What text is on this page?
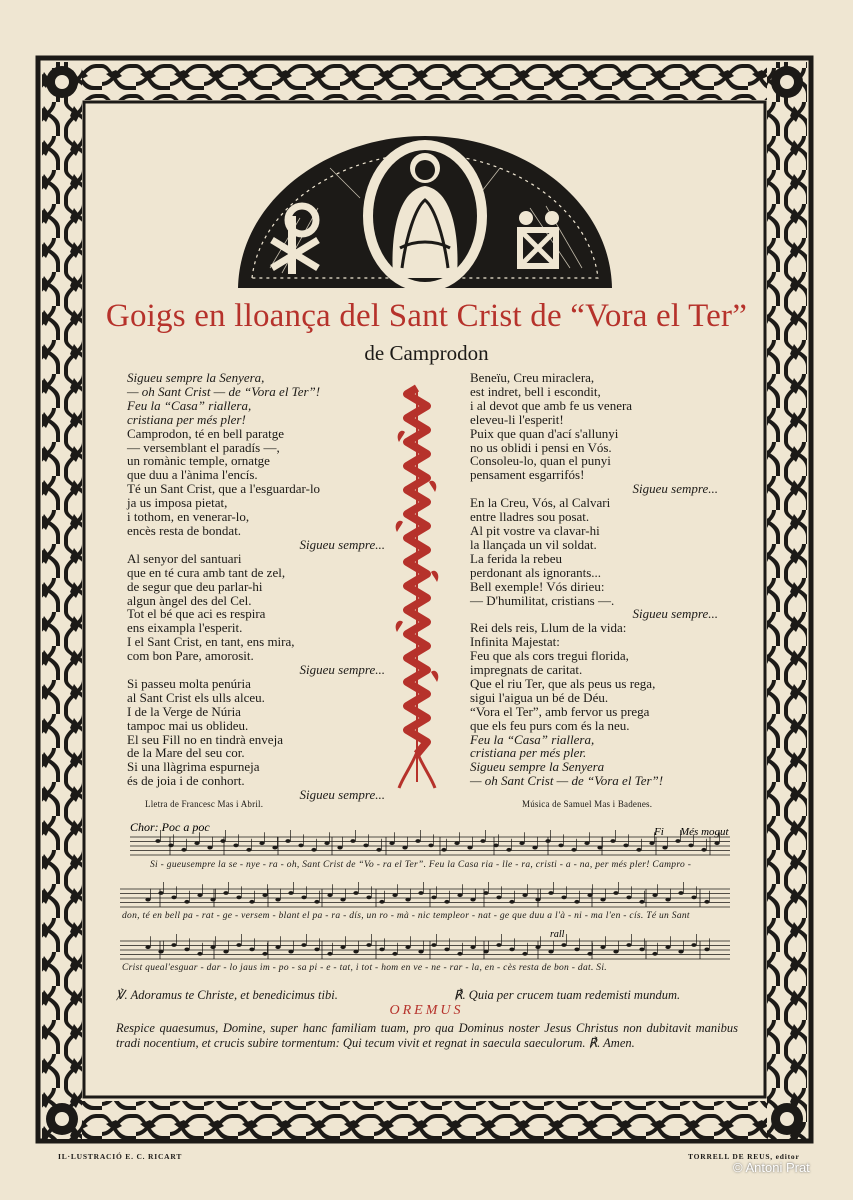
Goigs en lloança del Sant Crist de “Vora el Ter”
de Camprodon
Sigueu sempre la Senyera,
— oh Sant Crist — de “Vora el Ter”!
Feu la “Casa” riallera,
cristiana per més pler!
Camprodon, té en bell paratge
— versemblant el paradís —,
un romànic temple, ornatge
que duu a l'ànima l'encís.
Té un Sant Crist, que a l'esguardar-lo
ja us imposa pietat,
i tothom, en venerar-lo,
encès resta de bondat.
Sigueu sempre...
Al senyor del santuari
que en té cura amb tant de zel,
de segur que deu parlar-hi
algun àngel des del Cel.
Tot el bé que aci es respira
ens eixampla l'esperit.
I el Sant Crist, en tant, ens mira,
com bon Pare, amorosit.
Sigueu sempre...
Si passeu molta penúria
al Sant Crist els ulls alceu.
I de la Verge de Núria
tampoc mai us oblideu.
El seu Fill no en tindrà enveja
de la Mare del seu cor.
Si una llàgrima espurneja
és de joia i de conhort.
Sigueu sempre...
Beneïu, Creu miraclera,
est indret, bell i escondit,
i al devot que amb fe us venera
eleveu-li l'esperit!
Puix que quan d'ací s'allunyi
no us oblidi i pensi en Vós.
Consoleu-lo, quan el punyi
pensament esgarrifós!
Sigueu sempre...
En la Creu, Vós, al Calvari
entre lladres sou posat.
Al pit vostre va clavar-hi
la llançada un vil soldat.
La ferida la rebeu
perdonant als ignorants...
Bell exemple! Vós dirieu:
— D'humilitat, cristians —.
Sigueu sempre...
Rei dels reis, Llum de la vida:
Infinita Majestat:
Feu que als cors tregui florida,
impregnats de caritat.
Que el riu Ter, que als peus us rega,
sigui l'aigua un bé de Déu.
“Vora el Ter”, amb fervor us prega
que els feu purs com és la neu.
Feu la “Casa” riallera,
cristiana per més pler.
Sigueu sempre la Senyera
— oh Sant Crist — de “Vora el Ter”!
Lletra de Francesc Mas i Abril.	Música de Samuel Mas i Badenes.
Chor: Poc a poc	Fi Més mogut
rall
Si - gueusempre la se - nye - ra - oh, Sant Crist de “Vo - ra el Ter”. Feu la Casa ria - lle - ra, cristi - a - na, per més pler! Campro -
don, té en bell pa - rat - ge - versem - blant el pa - ra - dís, un ro - mà - nic templeor - nat - ge que duu a l'à - ni - ma l'en - cís. Té un Sant
Crist queal'esguar - dar - lo jaus im - po - sa pi - e - tat, i tot - hom en ve - ne - rar - la, en - cès resta de bon - dat. Si.
℣. Adoramus te Christe, et benedicimus tibi.	℟. Quia per crucem tuam redemisti mundum.
OREMUS
Respice quaesumus, Domine, super hanc familiam tuam, pro qua Dominus noster Jesus Christus non dubitavit manibus tradi nocentium, et crucis subire tormentum: Qui tecum vivit et regnat in saecula saeculorum. ℟. Amen.
IL·LUSTRACIÓ E. C. RICART	TORRELL DE REUS, editor
© Antoni Prat
